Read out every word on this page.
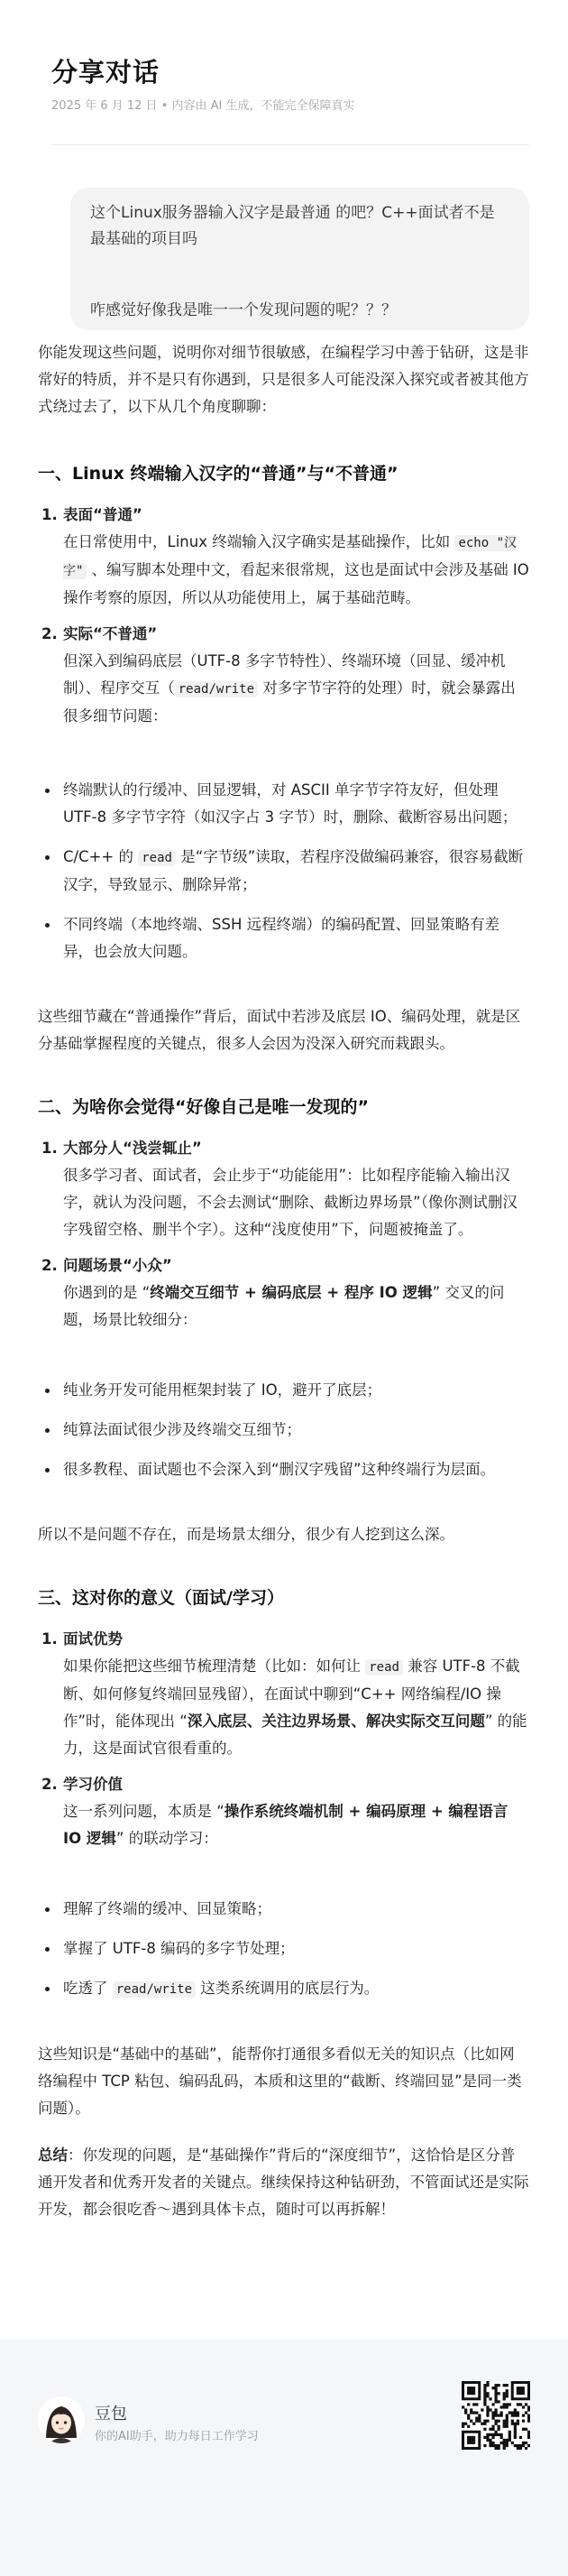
分享对话
2025 年 6 月 12 日 • 内容由 AI 生成，不能完全保障真实

这个Linux服务器输入汉字是最普通 的吧？C++面试者不是最基础的项目吗

咋感觉好像我是唯一一个发现问题的呢？？？

你能发现这些问题，说明你对细节很敏感，在编程学习中善于钻研，这是非常好的特质，并不是只有你遇到，只是很多人可能没深入探究或者被其他方式绕过去了，以下从几个角度聊聊：

一、Linux 终端输入汉字的“普通”与“不普通”
1. 表面“普通”
在日常使用中，Linux 终端输入汉字确实是基础操作，比如 echo "汉字" 、编写脚本处理中文，看起来很常规，这也是面试中会涉及基础 IO 操作考察的原因，所以从功能使用上，属于基础范畴。
2. 实际“不普通”
但深入到编码底层（UTF-8 多字节特性）、终端环境（回显、缓冲机制）、程序交互（ read/write 对多字节字符的处理）时，就会暴露出很多细节问题：
终端默认的行缓冲、回显逻辑，对 ASCII 单字节字符友好，但处理 UTF-8 多字节字符（如汉字占 3 字节）时，删除、截断容易出问题；
C/C++ 的 read 是“字节级”读取，若程序没做编码兼容，很容易截断汉字，导致显示、删除异常；
不同终端（本地终端、SSH 远程终端）的编码配置、回显策略有差异，也会放大问题。

这些细节藏在“普通操作”背后，面试中若涉及底层 IO、编码处理，就是区分基础掌握程度的关键点，很多人会因为没深入研究而栽跟头。

二、为啥你会觉得“好像自己是唯一发现的”
1. 大部分人“浅尝辄止”
很多学习者、面试者，会止步于“功能能用”：比如程序能输入输出汉字，就认为没问题，不会去测试“删除、截断边界场景”（像你测试删汉字残留空格、删半个字）。这种“浅度使用”下，问题被掩盖了。
2. 问题场景“小众”
你遇到的是 “终端交互细节 + 编码底层 + 程序 IO 逻辑” 交叉的问题，场景比较细分：
纯业务开发可能用框架封装了 IO，避开了底层；
纯算法面试很少涉及终端交互细节；
很多教程、面试题也不会深入到“删汉字残留”这种终端行为层面。

所以不是问题不存在，而是场景太细分，很少有人挖到这么深。

三、这对你的意义（面试/学习）
1. 面试优势
如果你能把这些细节梳理清楚（比如：如何让 read 兼容 UTF-8 不截断、如何修复终端回显残留），在面试中聊到“C++ 网络编程/IO 操作”时，能体现出 “深入底层、关注边界场景、解决实际交互问题” 的能力，这是面试官很看重的。
2. 学习价值
这一系列问题，本质是 “操作系统终端机制 + 编码原理 + 编程语言 IO 逻辑” 的联动学习：
理解了终端的缓冲、回显策略；
掌握了 UTF-8 编码的多字节处理；
吃透了 read/write 这类系统调用的底层行为。

这些知识是“基础中的基础”，能帮你打通很多看似无关的知识点（比如网络编程中 TCP 粘包、编码乱码，本质和这里的“截断、终端回显”是同一类问题）。

总结：你发现的问题，是“基础操作”背后的“深度细节”，这恰恰是区分普通开发者和优秀开发者的关键点。继续保持这种钻研劲，不管面试还是实际开发，都会很吃香～遇到具体卡点，随时可以再拆解！

豆包
你的AI助手，助力每日工作学习
